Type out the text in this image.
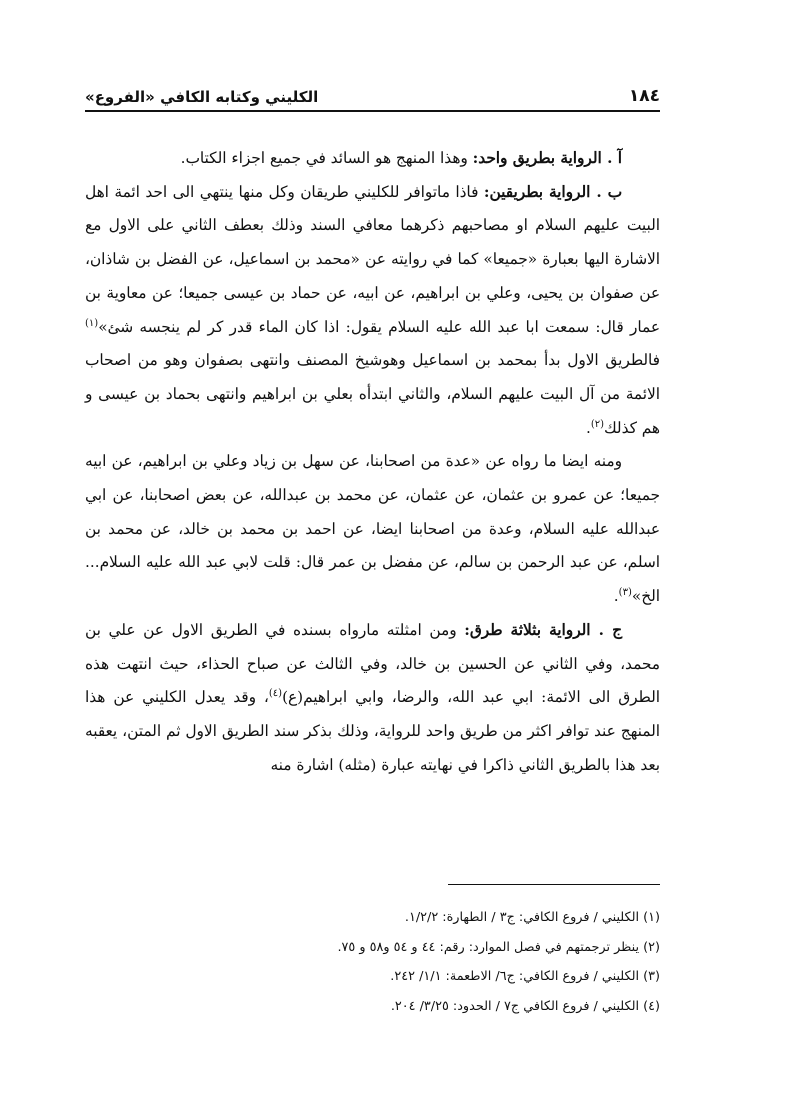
١٨٤
الكليني وكتابه الكافي «الفروع»

آ . الرواية بطريق واحد: وهذا المنهج هو السائد في جميع اجزاء الكتاب.

ب . الرواية بطريقين: فاذا ماتوافر للكليني طريقان وكل منها ينتهي الى احد ائمة اهل البيت عليهم السلام او مصاحبهم ذكرهما معافي السند وذلك بعطف الثاني على الاول مع الاشارة اليها بعبارة «جميعا» كما في روايته عن «محمد بن اسماعيل، عن الفضل بن شاذان، عن صفوان بن يحيى، وعلي بن ابراهيم، عن ابيه، عن حماد بن عيسى جميعا؛ عن معاوية بن عمار قال: سمعت ابا عبد الله عليه السلام يقول: اذا كان الماء قدر كر لم ينجسه شئ»$^{(١)}$ فالطريق الاول بدأ بمحمد بن اسماعيل وهوشيخ المصنف وانتهى بصفوان وهو من اصحاب الائمة من آل البيت عليهم السلام، والثاني ابتدأه بعلي بن ابراهيم وانتهى بحماد بن عيسى و هم كذلك$^{(٢)}$.

ومنه ايضا ما رواه عن «عدة من اصحابنا، عن سهل بن زياد وعلي بن ابراهيم، عن ابيه جميعا؛ عن عمرو بن عثمان، عن عثمان، عن محمد بن عبدالله، عن بعض اصحابنا، عن ابي عبدالله عليه السلام، وعدة من اصحابنا ايضا، عن احمد بن محمد بن خالد، عن محمد بن اسلم، عن عبد الرحمن بن سالم، عن مفضل بن عمر قال: قلت لابي عبد الله عليه السلام... الخ»$^{(٣)}$.

ج . الرواية بثلاثة طرق: ومن امثلته مارواه بسنده في الطريق الاول عن علي بن محمد، وفي الثاني عن الحسين بن خالد، وفي الثالث عن صباح الحذاء، حيث انتهت هذه الطرق الى الائمة: ابي عبد الله، والرضا، وابي ابراهيم(ع)$^{(٤)}$، وقد يعدل الكليني عن هذا المنهج عند توافر اكثر من طريق واحد للرواية، وذلك بذكر سند الطريق الاول ثم المتن، يعقبه بعد هذا بالطريق الثاني ذاكرا في نهايته عبارة (مثله) اشارة منه

(١) الكليني / فروع الكافي: ج٣ / الطهارة: ١/٢/٢.
(٢) ينظر ترجمتهم في فصل الموارد: رقم: ٤٤ و ٥٤ و٥٨ و ٧٥.
(٣) الكليني / فروع الكافي: ج٦/ الاطعمة: ١/١/ ٢٤٢.
(٤) الكليني / فروع الكافي ج٧ / الحدود: ٣/٢٥/ ٢٠٤.
